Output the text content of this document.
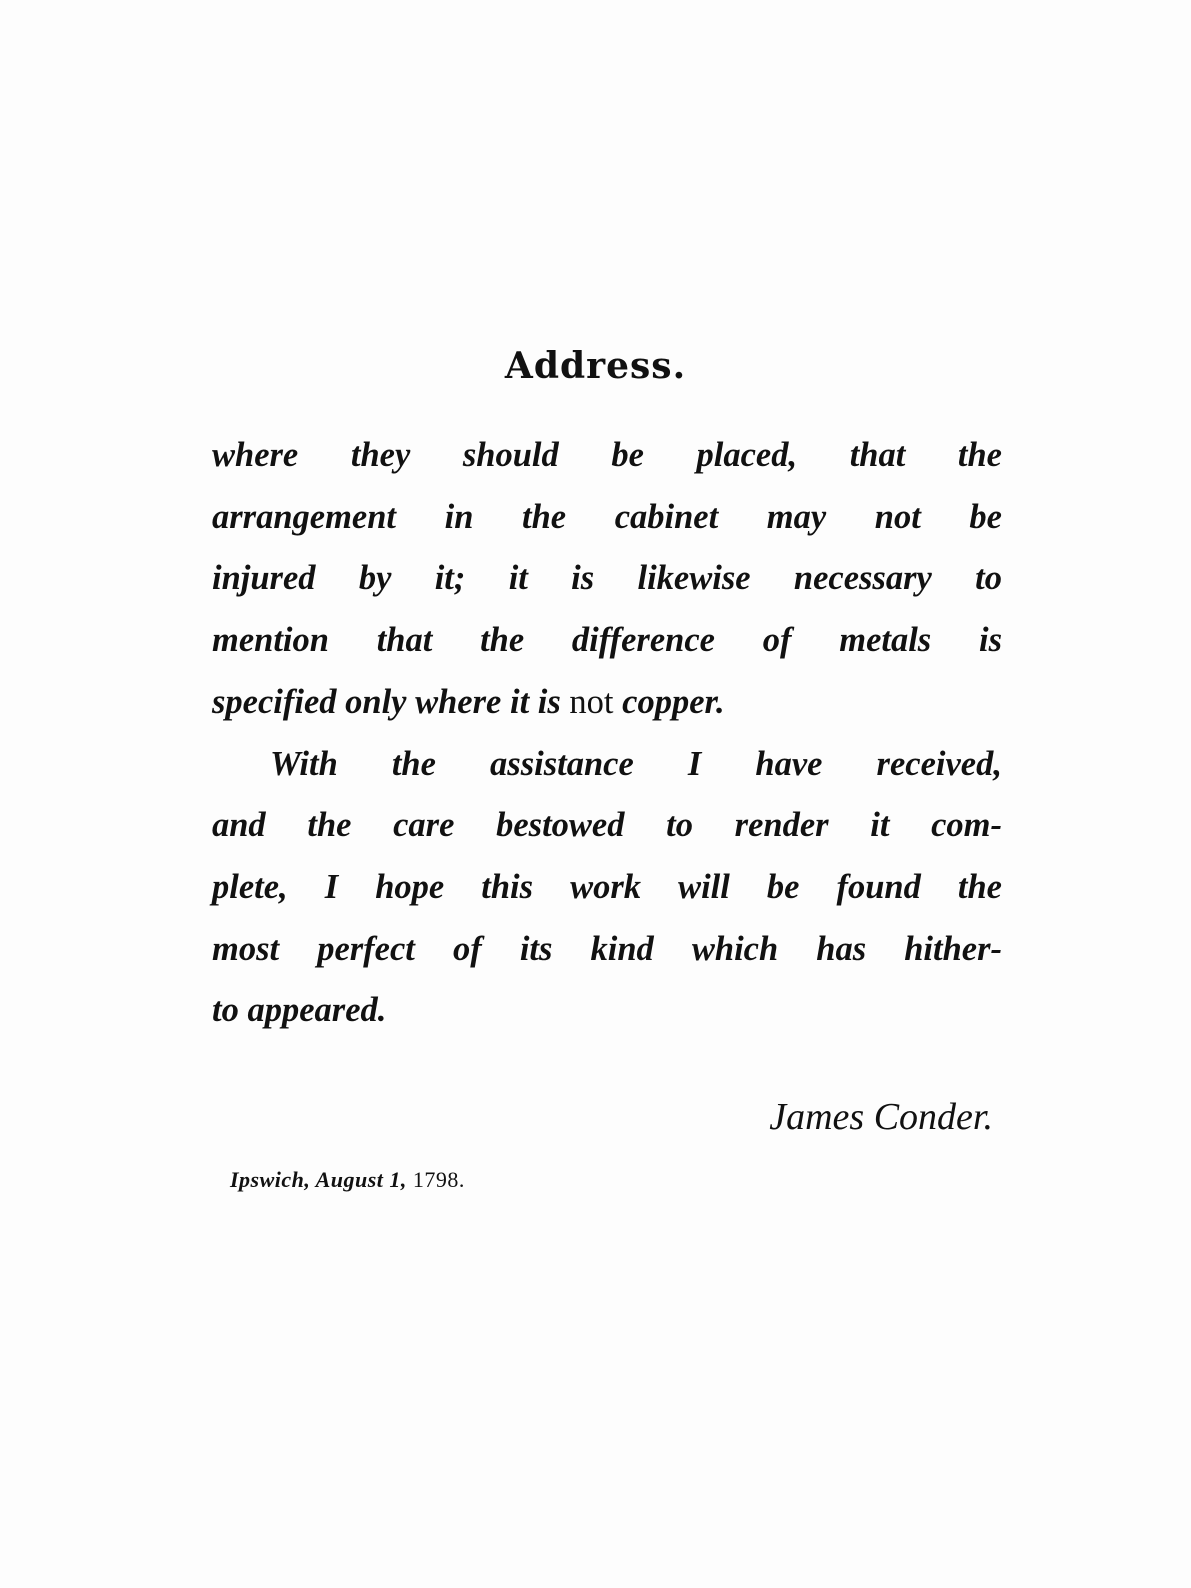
Address.
where they should be placed, that the
arrangement in the cabinet may not be
injured by it; it is likewise necessary to
mention that the difference of metals is
specified only where it is not copper.
With the assistance I have received,
and the care bestowed to render it com-
plete, I hope this work will be found the
most perfect of its kind which has hither-
to appeared.
James Conder.
Ipswich, August 1, 1798.
